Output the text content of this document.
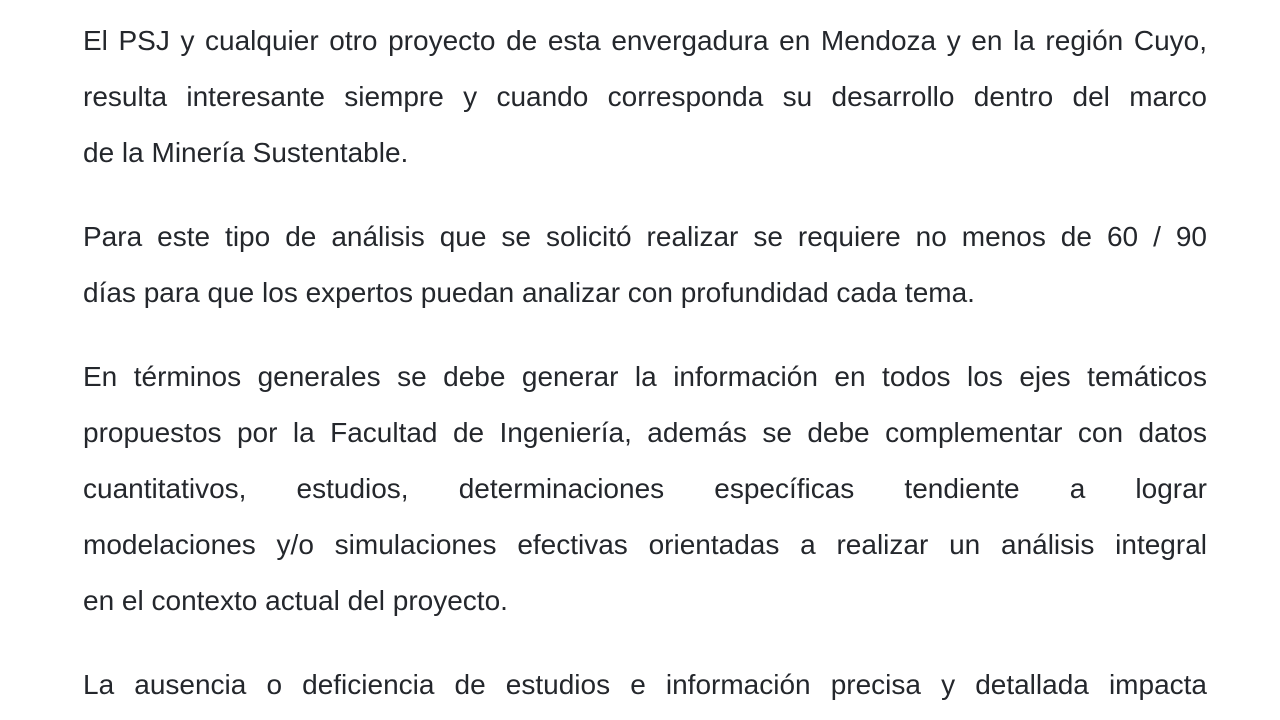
El PSJ y cualquier otro proyecto de esta envergadura en Mendoza y en la región Cuyo,
resulta interesante siempre y cuando corresponda su desarrollo dentro del marco
de la Minería Sustentable.
Para este tipo de análisis que se solicitó realizar se requiere no menos de 60 / 90
días para que los expertos puedan analizar con profundidad cada tema.
En términos generales se debe generar la información en todos los ejes temáticos
propuestos por la Facultad de Ingeniería, además se debe complementar con datos
cuantitativos, estudios, determinaciones específicas tendiente a lograr
modelaciones y/o simulaciones efectivas orientadas a realizar un análisis integral
en el contexto actual del proyecto.
La ausencia o deficiencia de estudios e información precisa y detallada impacta
